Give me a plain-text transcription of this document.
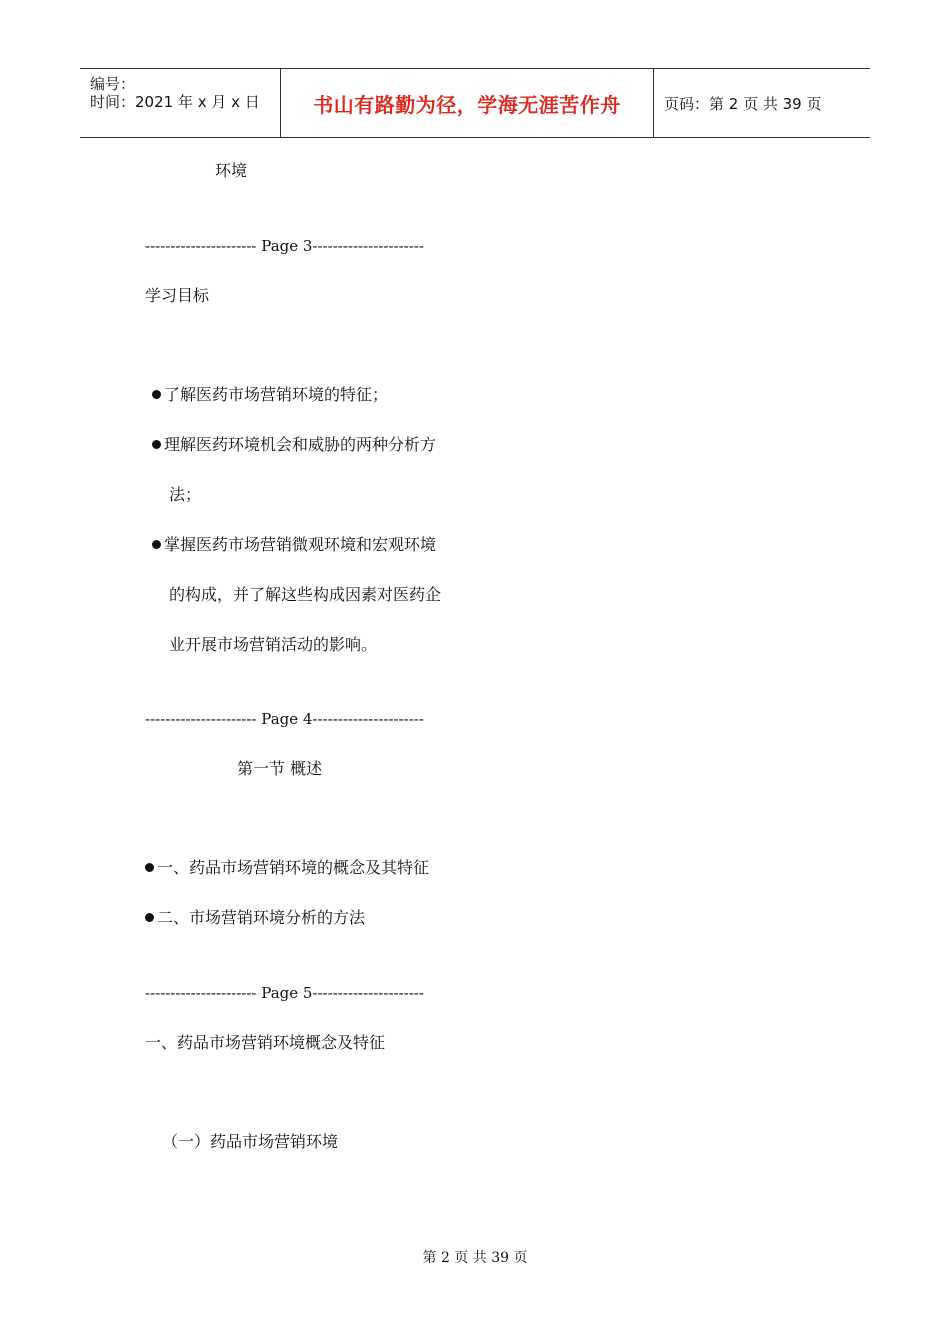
编号：
时间：2021 年 x 月 x 日	书山有路勤为径，学海无涯苦作舟	页码：第 2 页 共 39 页
环境
---------------------- Page 3----------------------
学习目标
了解医药市场营销环境的特征；
理解医药环境机会和威胁的两种分析方
法；
掌握医药市场营销微观环境和宏观环境
的构成，并了解这些构成因素对医药企
业开展市场营销活动的影响。
---------------------- Page 4----------------------
第一节 概述
一、药品市场营销环境的概念及其特征
二、市场营销环境分析的方法
---------------------- Page 5----------------------
一、药品市场营销环境概念及特征
（一）药品市场营销环境
第 2 页 共 39 页
